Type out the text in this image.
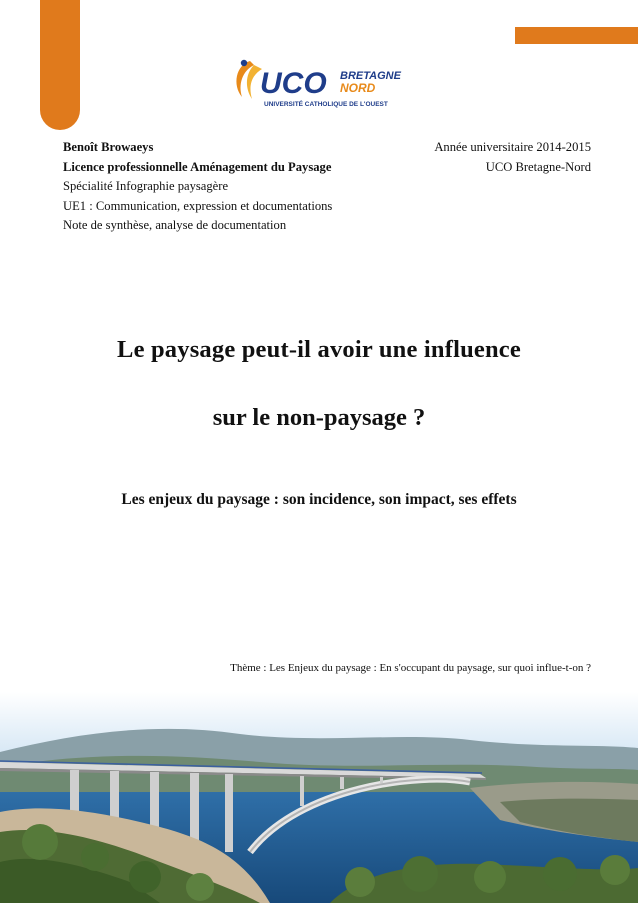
UCO BRETAGNE
NORD
UNIVERSITÉ CATHOLIQUE DE L'OUEST
Benoît Browaeys
Licence professionnelle Aménagement du Paysage
Spécialité Infographie paysagère
UE1 : Communication, expression et documentations
Note de synthèse, analyse de documentation
Année universitaire 2014-2015
UCO Bretagne-Nord
Le paysage peut-il avoir une influence
sur le non-paysage ?
Les enjeux du paysage : son incidence, son impact, ses effets
Thème : Les Enjeux du paysage : En s'occupant du paysage, sur quoi influe-t-on ?
